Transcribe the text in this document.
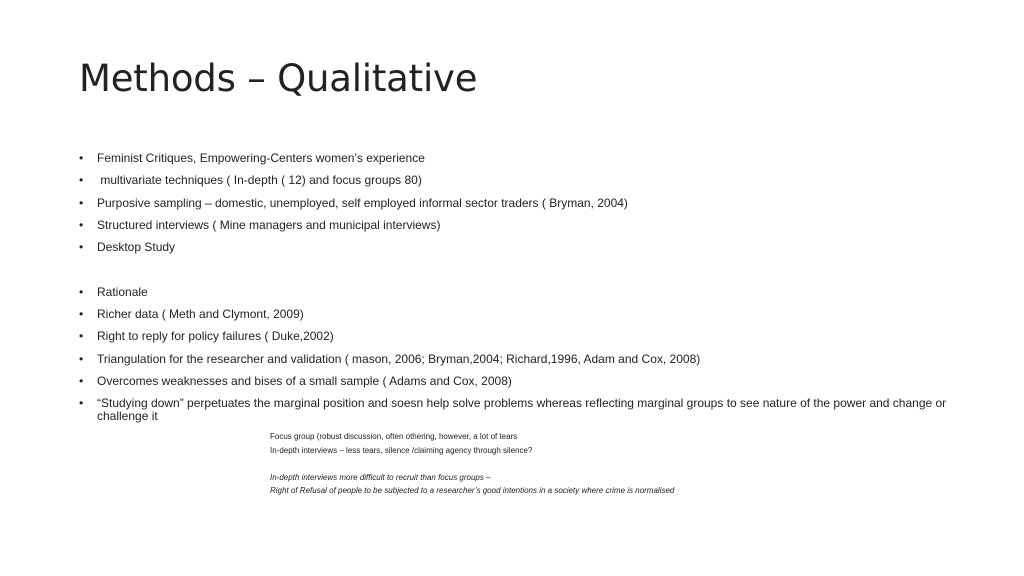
Methods – Qualitative
• Feminist Critiques, Empowering-Centers women’s experience
• multivariate techniques ( In-depth ( 12) and focus groups 80)
• Purposive sampling – domestic, unemployed, self employed informal sector traders ( Bryman, 2004)
• Structured interviews ( Mine managers and municipal interviews)
• Desktop Study
• Rationale
• Richer data ( Meth and Clymont, 2009)
• Right to reply for policy failures ( Duke,2002)
• Triangulation for the researcher and validation ( mason, 2006; Bryman,2004; Richard,1996, Adam and Cox, 2008)
• Overcomes weaknesses and bises of a small sample ( Adams and Cox, 2008)
• “Studying down” perpetuates the marginal position and soesn help solve problems whereas reflecting marginal groups to see nature of the power and change or challenge it
Focus group (robust discussion, often othering, however, a lot of tears
In-depth interviews – less tears, silence /claiming agency through silence?
In-depth interviews more difficult to recruit than focus groups –
Right of Refusal of people to be subjected to a researcher’s good intentions in a society where crime is normalised
